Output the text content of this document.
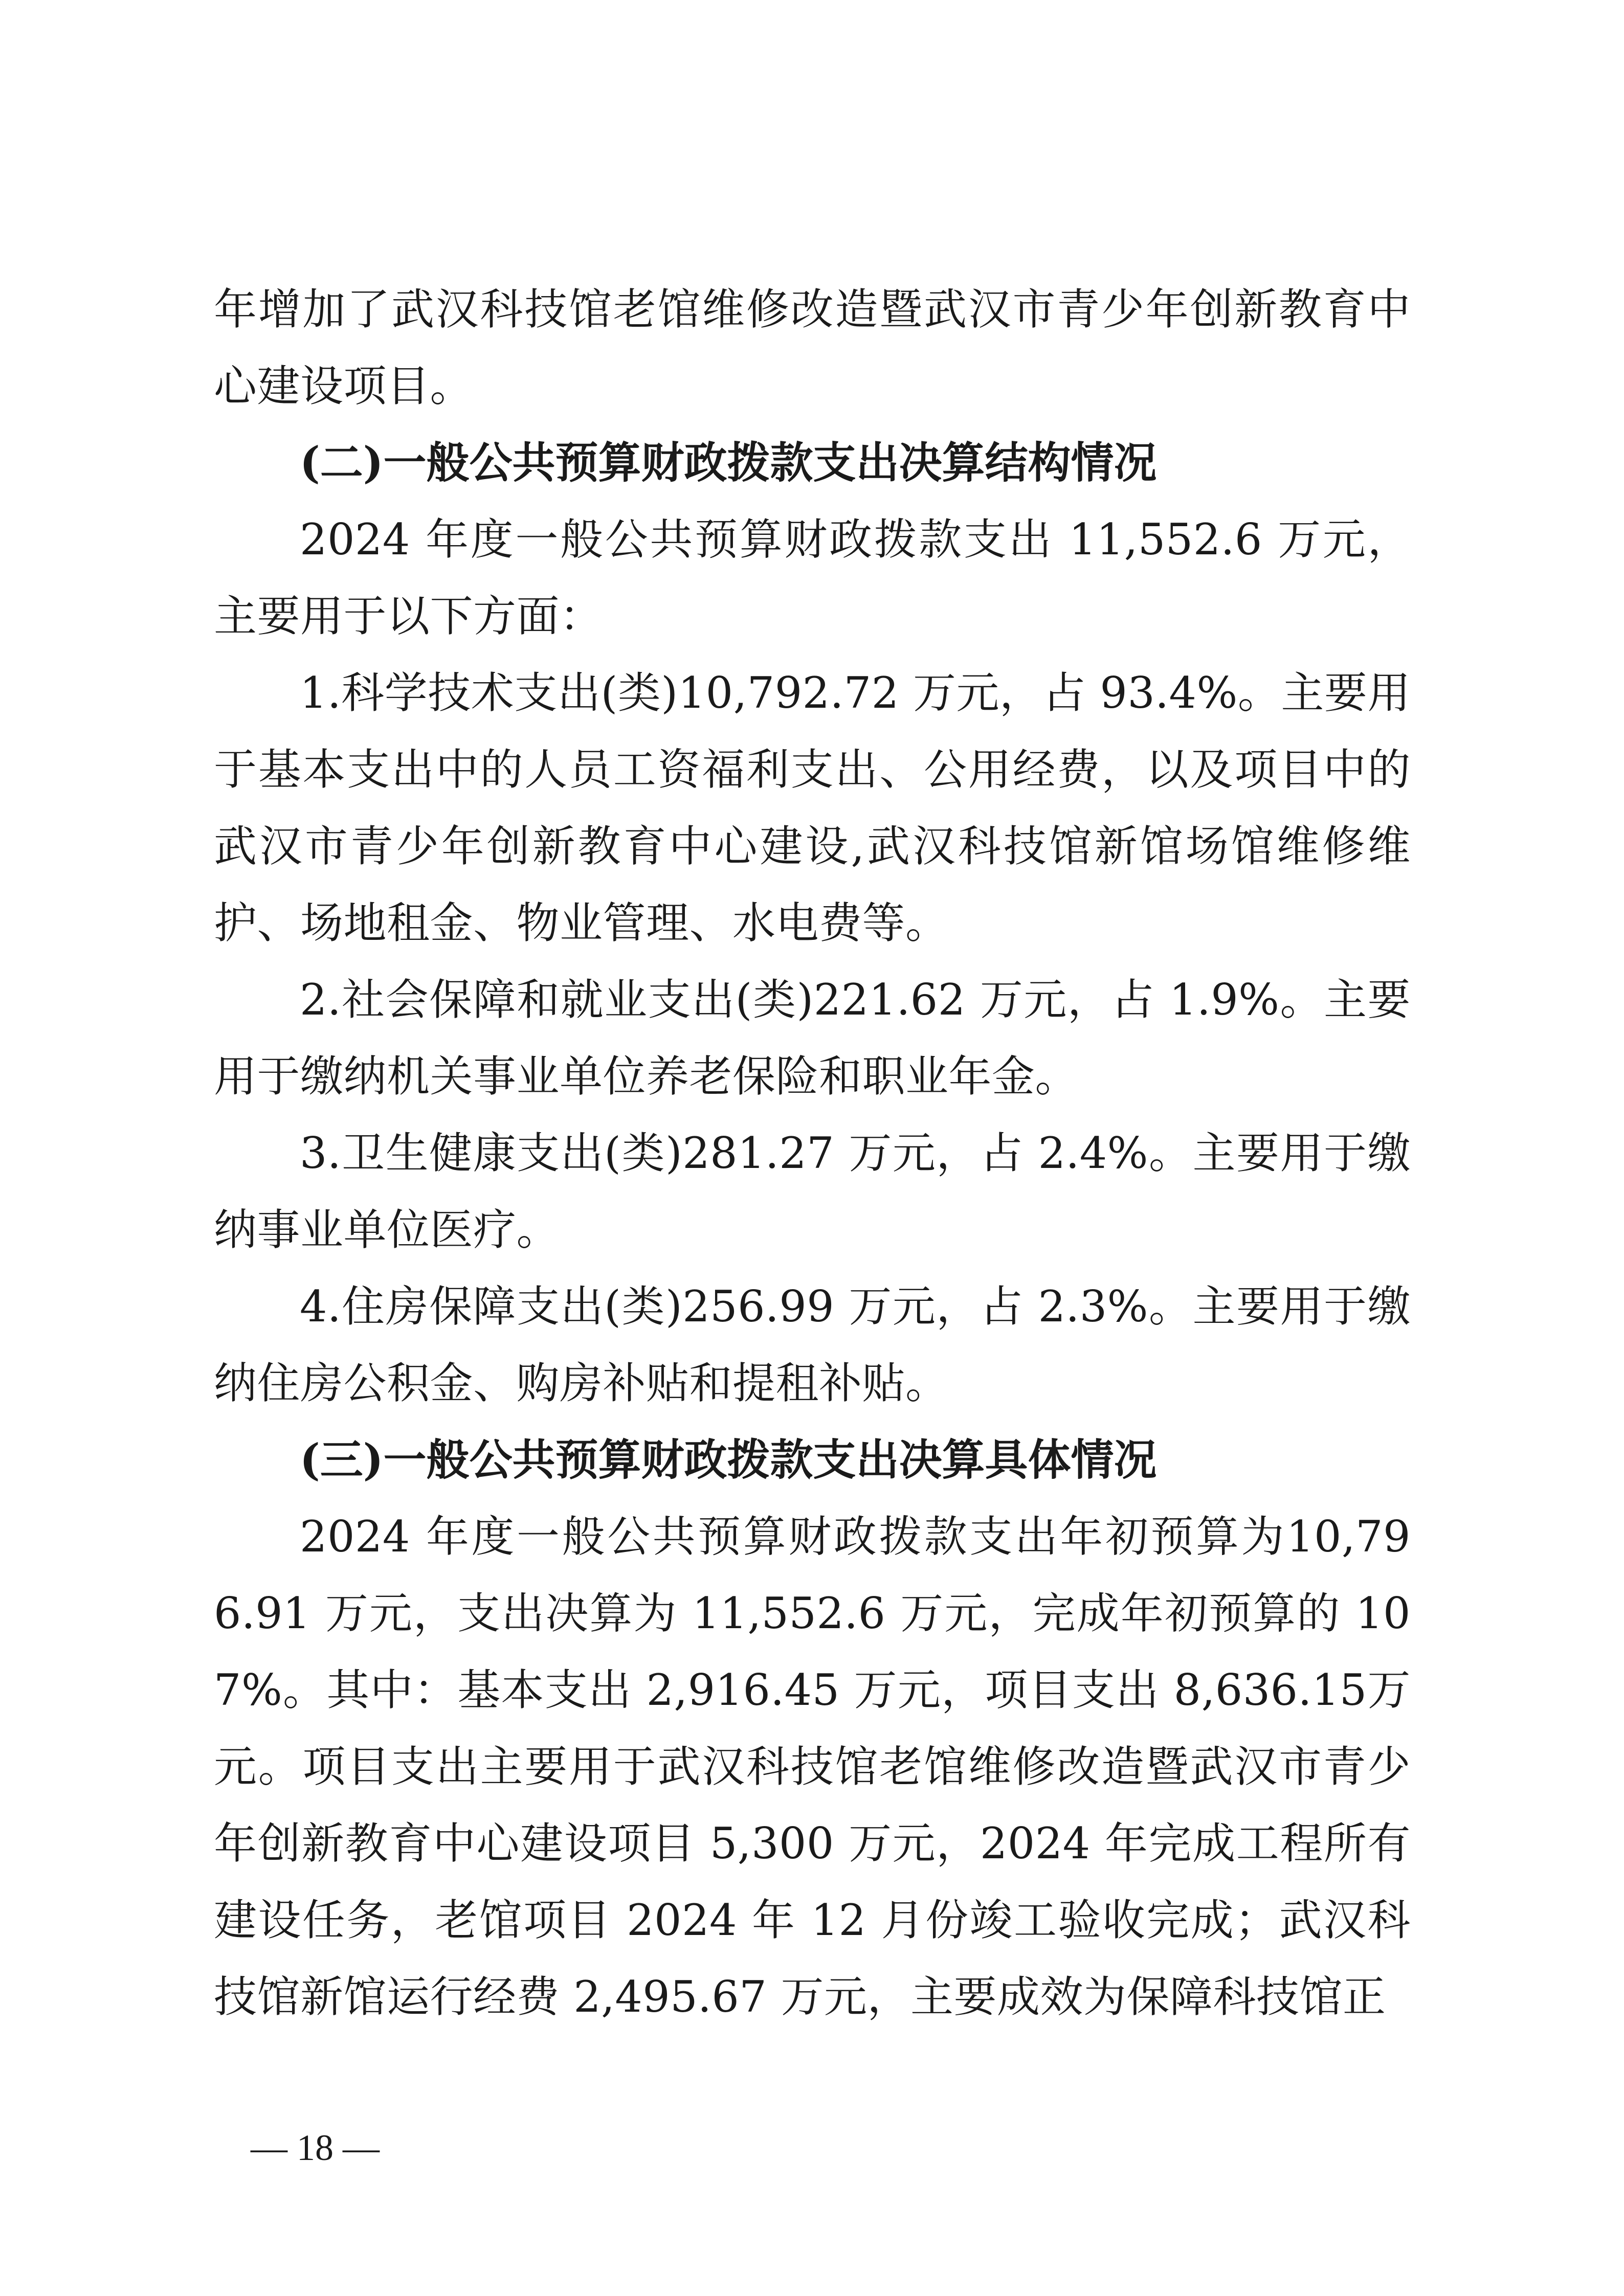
年增加了武汉科技馆老馆维修改造暨武汉市青少年创新教育中心建设项目。

(二)一般公共预算财政拨款支出决算结构情况

2024 年度一般公共预算财政拨款支出 11,552.6 万元，主要用于以下方面：

1.科学技术支出(类)10,792.72 万元，占 93.4%。主要用于基本支出中的人员工资福利支出、公用经费，以及项目中的武汉市青少年创新教育中心建设,武汉科技馆新馆场馆维修维护、场地租金、物业管理、水电费等。

2.社会保障和就业支出(类)221.62 万元，占 1.9%。主要用于缴纳机关事业单位养老保险和职业年金。

3.卫生健康支出(类)281.27 万元，占 2.4%。主要用于缴纳事业单位医疗。

4.住房保障支出(类)256.99 万元，占 2.3%。主要用于缴纳住房公积金、购房补贴和提租补贴。

(三)一般公共预算财政拨款支出决算具体情况

2024 年度一般公共预算财政拨款支出年初预算为10,796.91 万元，支出决算为 11,552.6 万元，完成年初预算的 107%。其中：基本支出 2,916.45 万元，项目支出 8,636.15万元。项目支出主要用于武汉科技馆老馆维修改造暨武汉市青少年创新教育中心建设项目 5,300 万元，2024 年完成工程所有建设任务，老馆项目 2024 年 12 月份竣工验收完成；武汉科技馆新馆运行经费 2,495.67 万元，主要成效为保障科技馆正

— 18 —
